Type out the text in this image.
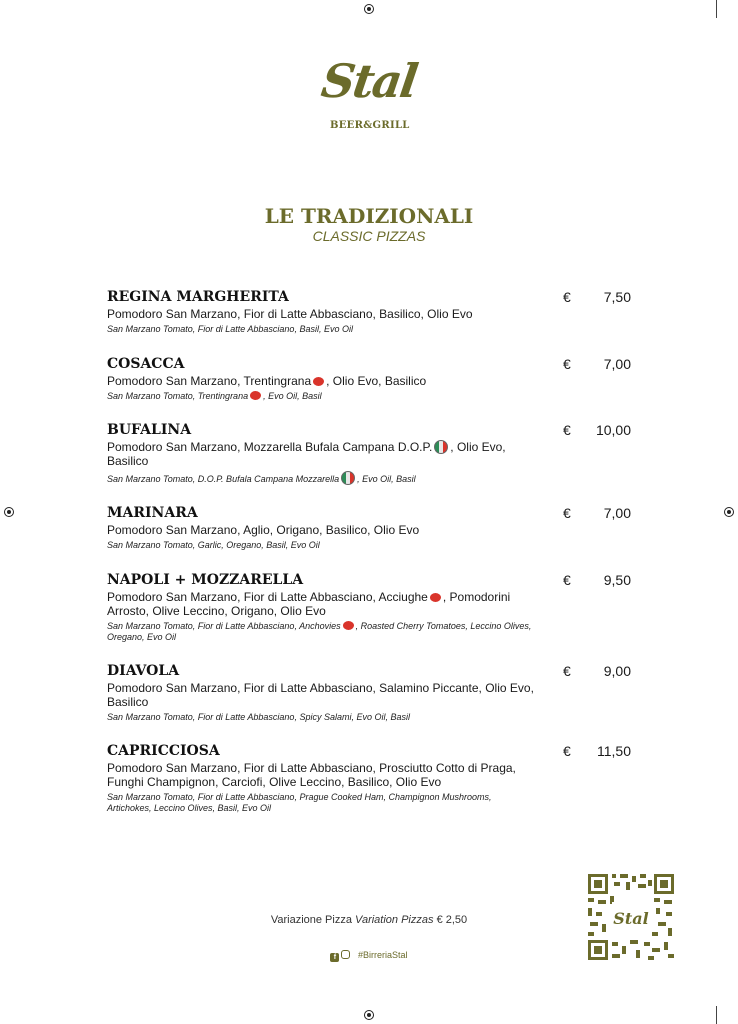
Stal
BEER&GRILL
LE TRADIZIONALI
CLASSIC PIZZAS
REGINA MARGHERITA
Pomodoro San Marzano, Fior di Latte Abbasciano, Basilico, Olio Evo
San Marzano Tomato, Fior di Latte Abbasciano, Basil, Evo Oil
€ 7,50
COSACCA
Pomodoro San Marzano, Trentingrana , Olio Evo, Basilico
San Marzano Tomato, Trentingrana , Evo Oil, Basil
€ 7,00
BUFALINA
Pomodoro San Marzano, Mozzarella Bufala Campana D.O.P. , Olio Evo, Basilico
San Marzano Tomato, D.O.P. Bufala Campana Mozzarella , Evo Oil, Basil
€ 10,00
MARINARA
Pomodoro San Marzano, Aglio, Origano, Basilico, Olio Evo
San Marzano Tomato, Garlic, Oregano, Basil, Evo Oil
€ 7,00
NAPOLI + MOZZARELLA
Pomodoro San Marzano, Fior di Latte Abbasciano, Acciughe , Pomodorini Arrosto, Olive Leccino, Origano, Olio Evo
San Marzano Tomato, Fior di Latte Abbasciano, Anchovies , Roasted Cherry Tomatoes, Leccino Olives, Oregano, Evo Oil
€ 9,50
DIAVOLA
Pomodoro San Marzano, Fior di Latte Abbasciano, Salamino Piccante, Olio Evo, Basilico
San Marzano Tomato, Fior di Latte Abbasciano, Spicy Salami, Evo Oil, Basil
€ 9,00
CAPRICCIOSA
Pomodoro San Marzano, Fior di Latte Abbasciano, Prosciutto Cotto di Praga, Funghi Champignon, Carciofi, Olive Leccino, Basilico, Olio Evo
San Marzano Tomato, Fior di Latte Abbasciano, Prague Cooked Ham, Champignon Mushrooms, Artichokes, Leccino Olives, Basil, Evo Oil
€ 11,50
Variazione Pizza Variation Pizzas € 2,50
f #BirreriaStal
Stal
